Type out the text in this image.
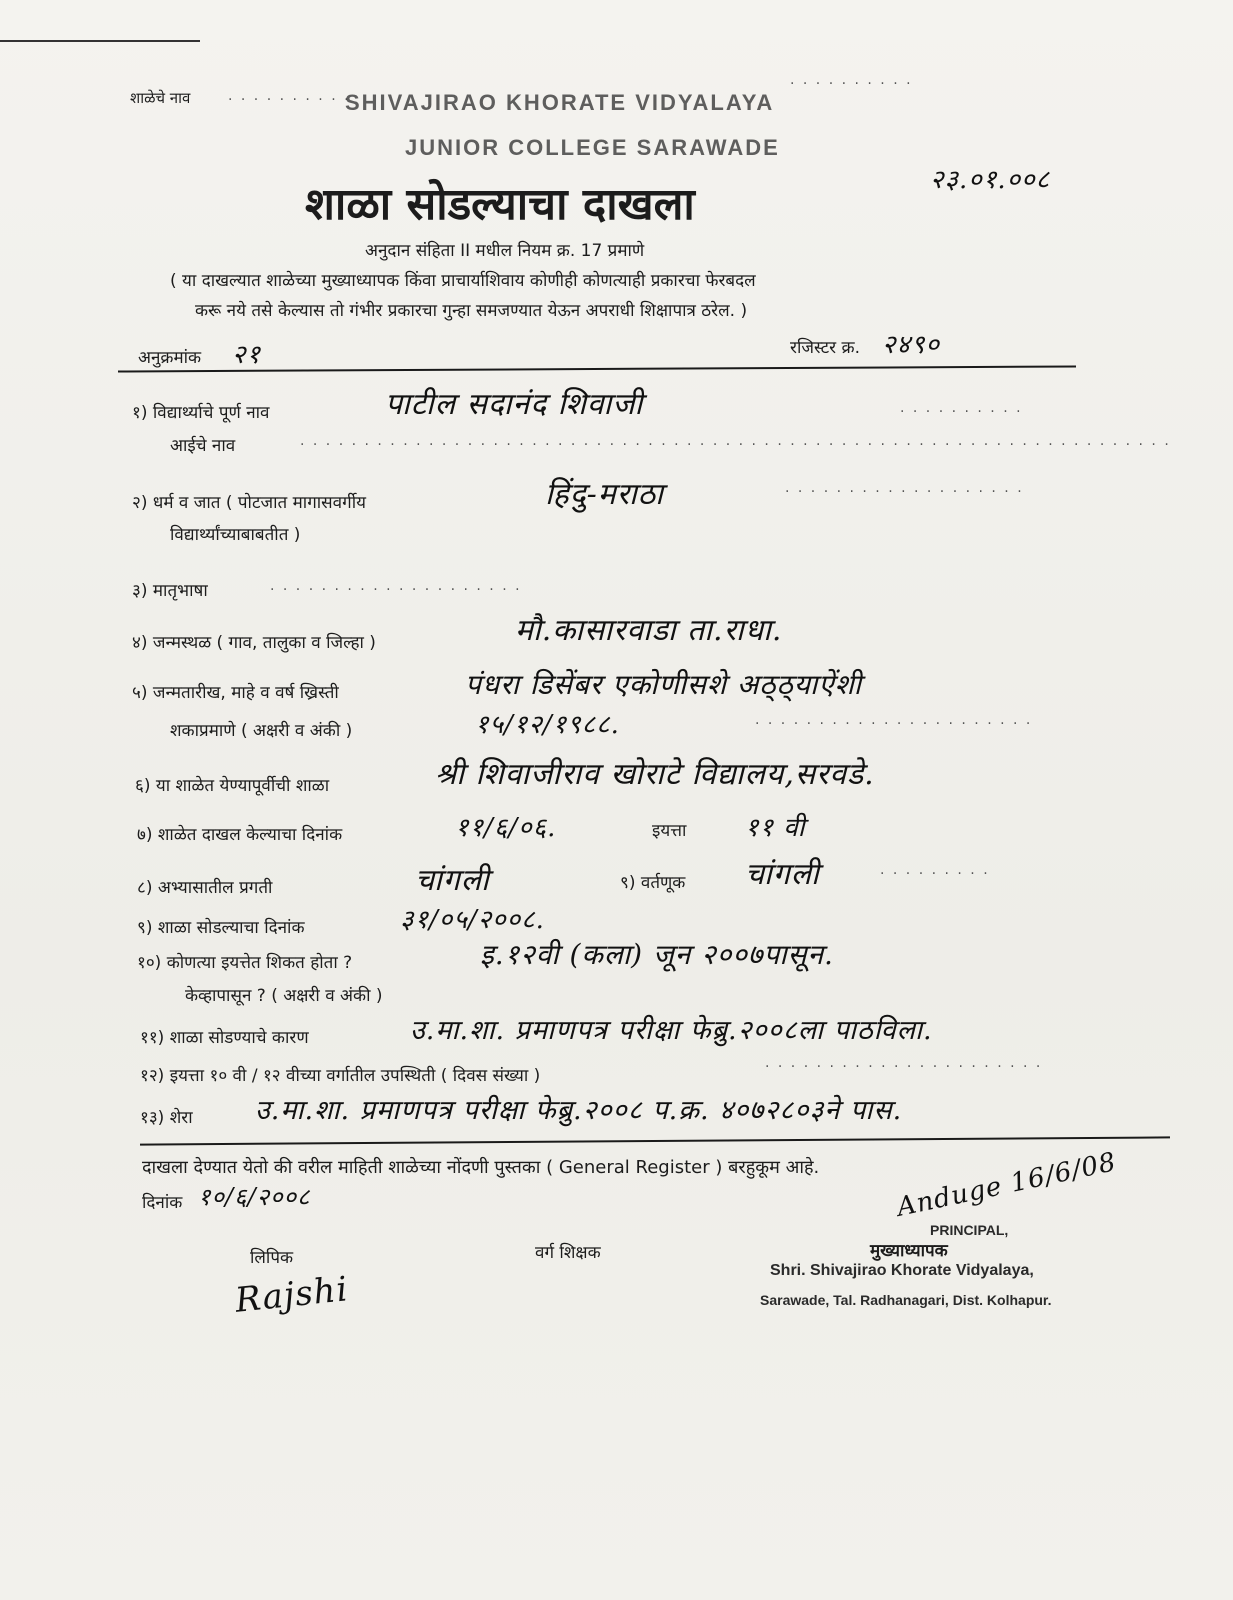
शाळेचे नाव	. . . . . . . . . .
SHIVAJIRAO KHORATE VIDYALAYA
JUNIOR COLLEGE SARAWADE
. . . . . . . . . .
२३.०१.००८
शाळा सोडल्याचा दाखला
अनुदान संहिता II मधील नियम क्र. 17 प्रमाणे
( या दाखल्यात शाळेच्या मुख्याध्यापक किंवा प्राचार्याशिवाय कोणीही कोणत्याही प्रकारचा फेरबदल
करू नये तसे केल्यास तो गंभीर प्रकारचा गुन्हा समजण्यात येऊन अपराधी शिक्षापात्र ठरेल. )
अनुक्रमांक २१	रजिस्टर क्र. २४९०
१) विद्यार्थ्याचे पूर्ण नाव	पाटील सदानंद शिवाजी	. . . . . . . . . .
आईचे नाव	. . . . . . . . . . . . . . . . . . . . . . . . . . . . . . . . . . . . . . . . . . . . . . . . . . . . . . . . . . . . . . . . . . . .
२) धर्म व जात ( पोटजात मागासवर्गीय
विद्यार्थ्यांच्याबाबतीत )
हिंदु-मराठा	. . . . . . . . . . . . . . . . . . .
३) मातृभाषा	. . . . . . . . . . . . . . . . . . . .
४) जन्मस्थळ ( गाव, तालुका व जिल्हा )	मौ.कासारवाडा ता.राधा.
५) जन्मतारीख, माहे व वर्ष ख्रिस्ती	पंधरा डिसेंबर एकोणीसशे अठ्ठ्याऐंशी
शकाप्रमाणे ( अक्षरी व अंकी )	१५/१२/१९८८.	. . . . . . . . . . . . . . . . . . . . . .
६) या शाळेत येण्यापूर्वीची शाळा	श्री शिवाजीराव खोराटे विद्यालय,सरवडे.
७) शाळेत दाखल केल्याचा दिनांक	११/६/०६.	इयत्ता ११ वी
८) अभ्यासातील प्रगती	चांगली	९) वर्तणूक चांगली	. . . . . . . . .
९) शाळा सोडल्याचा दिनांक	३१/०५/२००८.
१०) कोणत्या इयत्तेत शिकत होता ?	इ.१२वी (कला) जून २००७पासून.
केव्हापासून ? ( अक्षरी व अंकी )
११) शाळा सोडण्याचे कारण	उ.मा.शा. प्रमाणपत्र परीक्षा फेब्रु.२००८ला पाठविला.
१२) इयत्ता १० वी / १२ वीच्या वर्गातील उपस्थिती ( दिवस संख्या )
. . . . . . . . . . . . . . . . . . . . . .
१३) शेरा उ.मा.शा. प्रमाणपत्र परीक्षा फेब्रु.२००८ प.क्र. ४०७२८०३ने पास.
दाखला देण्यात येतो की वरील माहिती शाळेच्या नोंदणी पुस्तका ( General Register ) बरहुकूम आहे.
दिनांक १०/६/२००८	Anduge 16/6/08
लिपिक
Rajshi
वर्ग शिक्षक
PRINCIPAL,
मुख्याध्यापक
Shri. Shivajirao Khorate Vidyalaya,
Sarawade, Tal. Radhanagari, Dist. Kolhapur.
